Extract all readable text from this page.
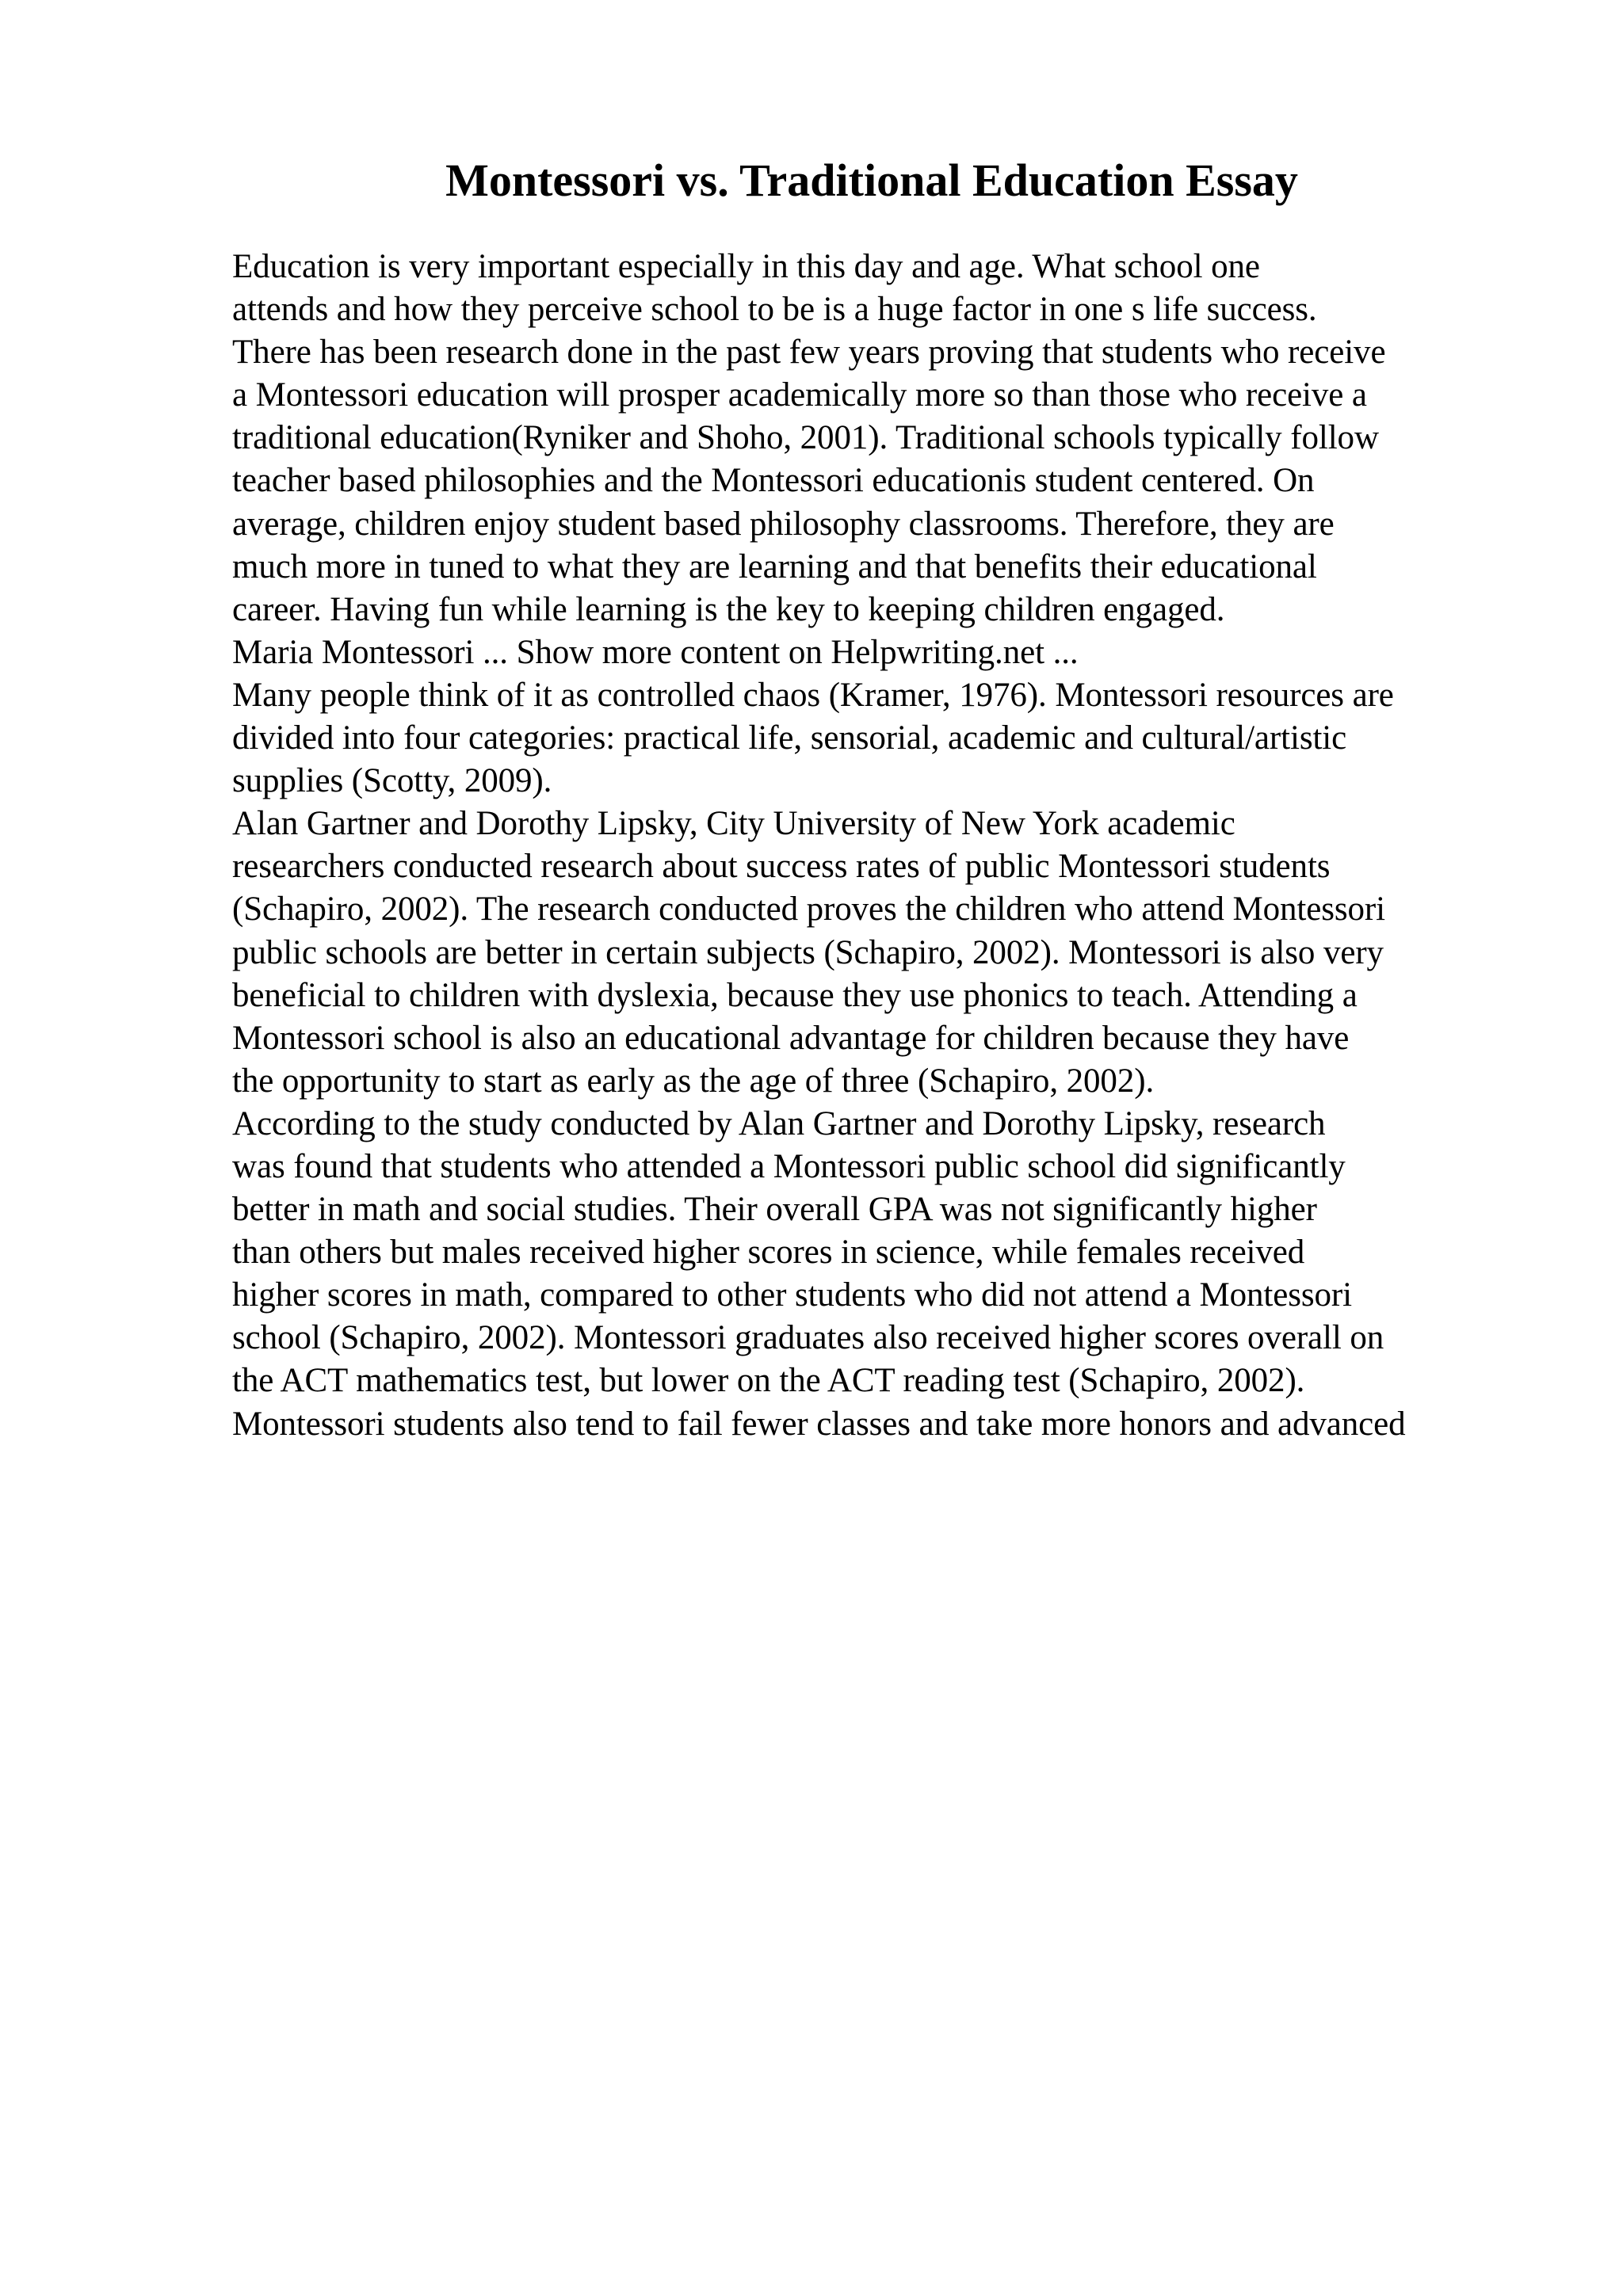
Montessori vs. Traditional Education Essay
Education is very important especially in this day and age. What school one
attends and how they perceive school to be is a huge factor in one s life success.
There has been research done in the past few years proving that students who receive
a Montessori education will prosper academically more so than those who receive a
traditional education(Ryniker and Shoho, 2001). Traditional schools typically follow
teacher based philosophies and the Montessori educationis student centered. On
average, children enjoy student based philosophy classrooms. Therefore, they are
much more in tuned to what they are learning and that benefits their educational
career. Having fun while learning is the key to keeping children engaged.
Maria Montessori ... Show more content on Helpwriting.net ...
Many people think of it as controlled chaos (Kramer, 1976). Montessori resources are
divided into four categories: practical life, sensorial, academic and cultural/artistic
supplies (Scotty, 2009).
Alan Gartner and Dorothy Lipsky, City University of New York academic
researchers conducted research about success rates of public Montessori students
(Schapiro, 2002). The research conducted proves the children who attend Montessori
public schools are better in certain subjects (Schapiro, 2002). Montessori is also very
beneficial to children with dyslexia, because they use phonics to teach. Attending a
Montessori school is also an educational advantage for children because they have
the opportunity to start as early as the age of three (Schapiro, 2002).
According to the study conducted by Alan Gartner and Dorothy Lipsky, research
was found that students who attended a Montessori public school did significantly
better in math and social studies. Their overall GPA was not significantly higher
than others but males received higher scores in science, while females received
higher scores in math, compared to other students who did not attend a Montessori
school (Schapiro, 2002). Montessori graduates also received higher scores overall on
the ACT mathematics test, but lower on the ACT reading test (Schapiro, 2002).
Montessori students also tend to fail fewer classes and take more honors and advanced
